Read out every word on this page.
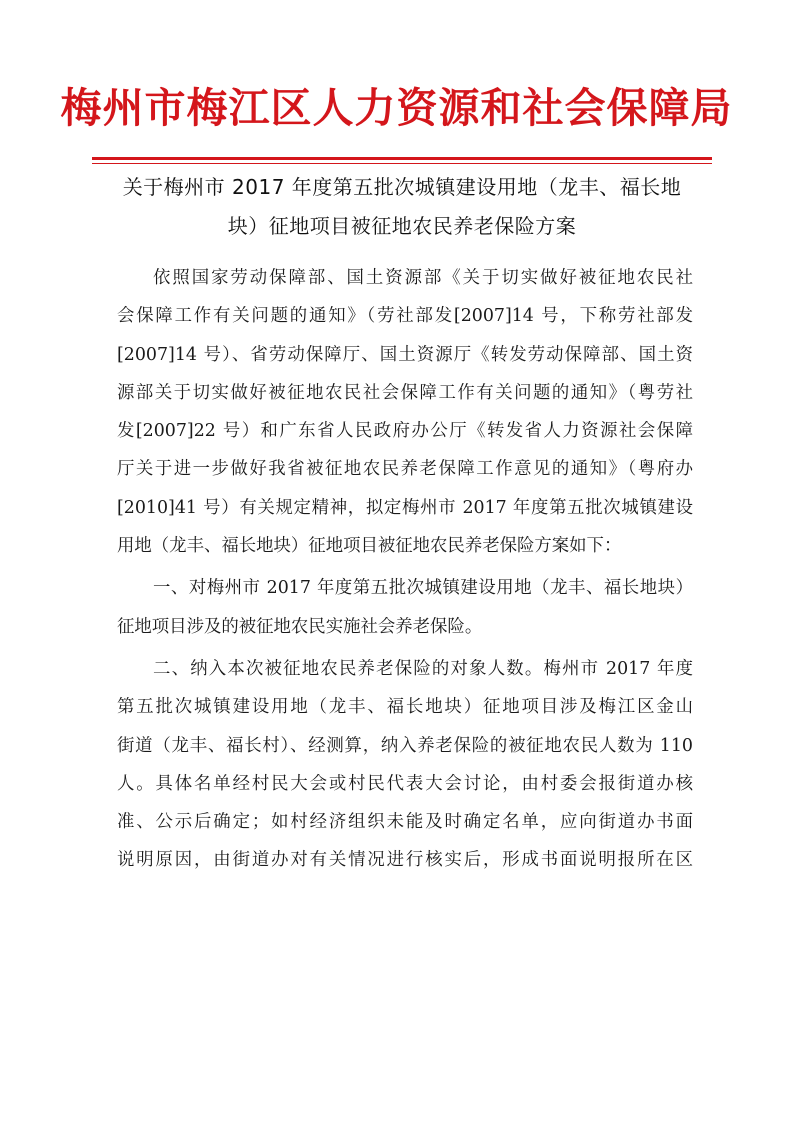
梅州市梅江区人力资源和社会保障局
关于梅州市 2017 年度第五批次城镇建设用地（龙丰、福长地
块）征地项目被征地农民养老保险方案
依照国家劳动保障部、国土资源部《关于切实做好被征地农民社
会保障工作有关问题的通知》（劳社部发[2007]14 号，下称劳社部发
[2007]14 号）、省劳动保障厅、国土资源厅《转发劳动保障部、国土资
源部关于切实做好被征地农民社会保障工作有关问题的通知》（粤劳社
发[2007]22 号）和广东省人民政府办公厅《转发省人力资源社会保障
厅关于进一步做好我省被征地农民养老保障工作意见的通知》（粤府办
[2010]41 号）有关规定精神，拟定梅州市 2017 年度第五批次城镇建设
用地（龙丰、福长地块）征地项目被征地农民养老保险方案如下：
一、对梅州市 2017 年度第五批次城镇建设用地（龙丰、福长地块）
征地项目涉及的被征地农民实施社会养老保险。
二、纳入本次被征地农民养老保险的对象人数。梅州市 2017 年度
第五批次城镇建设用地（龙丰、福长地块）征地项目涉及梅江区金山
街道（龙丰、福长村）、经测算，纳入养老保险的被征地农民人数为 110
人。具体名单经村民大会或村民代表大会讨论，由村委会报街道办核
准、公示后确定；如村经济组织未能及时确定名单，应向街道办书面
说明原因，由街道办对有关情况进行核实后，形成书面说明报所在区
